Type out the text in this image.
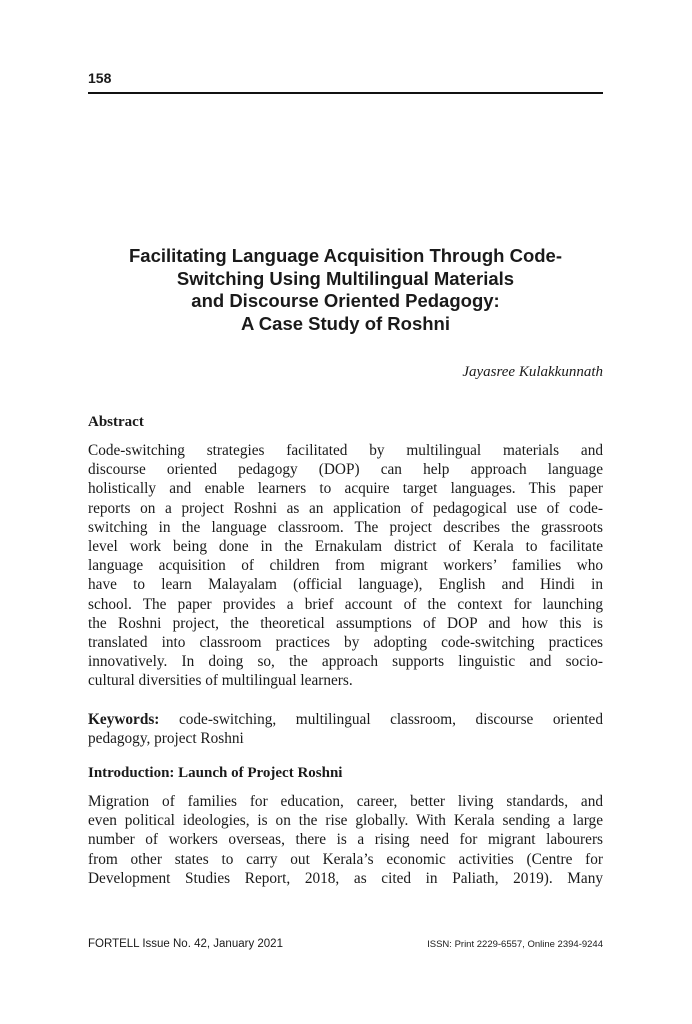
158
Facilitating Language Acquisition Through Code-
Switching Using Multilingual Materials
and Discourse Oriented Pedagogy:
A Case Study of Roshni
Jayasree Kulakkunnath
Abstract
Code-switching strategies facilitated by multilingual materials and
discourse oriented pedagogy (DOP) can help approach language
holistically and enable learners to acquire target languages. This paper
reports on a project Roshni as an application of pedagogical use of code-
switching in the language classroom. The project describes the grassroots
level work being done in the Ernakulam district of Kerala to facilitate
language acquisition of children from migrant workers’ families who
have to learn Malayalam (official language), English and Hindi in
school. The paper provides a brief account of the context for launching
the Roshni project, the theoretical assumptions of DOP and how this is
translated into classroom practices by adopting code-switching practices
innovatively. In doing so, the approach supports linguistic and socio-
cultural diversities of multilingual learners.
Keywords: code-switching, multilingual classroom, discourse oriented
pedagogy, project Roshni
Introduction: Launch of Project Roshni
Migration of families for education, career, better living standards, and
even political ideologies, is on the rise globally. With Kerala sending a large
number of workers overseas, there is a rising need for migrant labourers
from other states to carry out Kerala’s economic activities (Centre for
Development Studies Report, 2018, as cited in Paliath, 2019). Many
FORTELL Issue No. 42, January 2021	ISSN: Print 2229-6557, Online 2394-9244
